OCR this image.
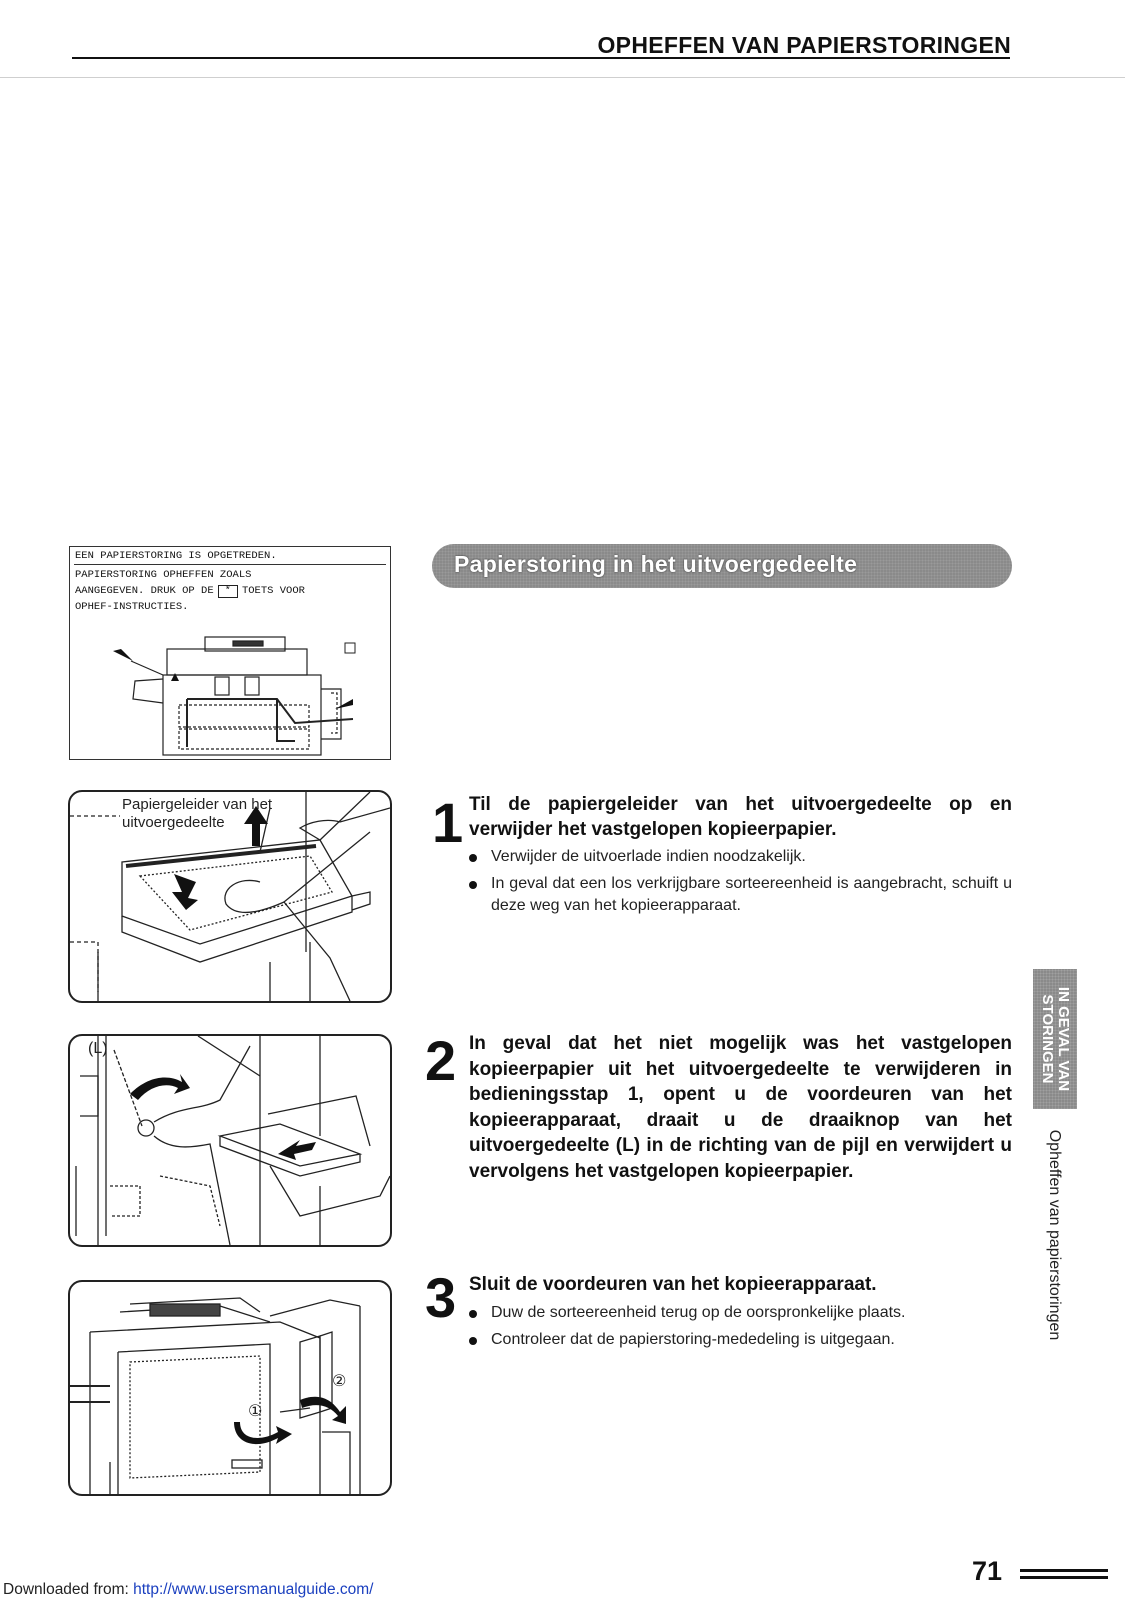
OPHEFFEN VAN PAPIERSTORINGEN
EEN PAPIERSTORING IS OPGETREDEN.
PAPIERSTORING OPHEFFEN ZOALS
AANGEGEVEN. DRUK OP DE * TOETS VOOR
OPHEF-INSTRUCTIES.
Papierstoring in het uitvoergedeelte
Papiergeleider van het
uitvoergedeelte
(L)
①
②
1 Til de papiergeleider van het uitvoergedeelte op en verwijder het vastgelopen kopieerpapier.
Verwijder de uitvoerlade indien noodzakelijk.
In geval dat een los verkrijgbare sorteereenheid is aangebracht, schuift u deze weg van het kopieerapparaat.
2 In geval dat het niet mogelijk was het vastgelopen kopieerpapier uit het uitvoergedeelte te verwijderen in bedieningsstap 1, opent u de voordeuren van het kopieerapparaat, draait u de draaiknop van het uitvoergedeelte (L) in de richting van de pijl en verwijdert u vervolgens het vastgelopen kopieerpapier.
3 Sluit de voordeuren van het kopieerapparaat.
Duw de sorteereenheid terug op de oorspronkelijke plaats.
Controleer dat de papierstoring-mededeling is uitgegaan.
IN GEVAL VAN
STORINGEN
Opheffen van papierstoringen
71
Downloaded from: http://www.usersmanualguide.com/
